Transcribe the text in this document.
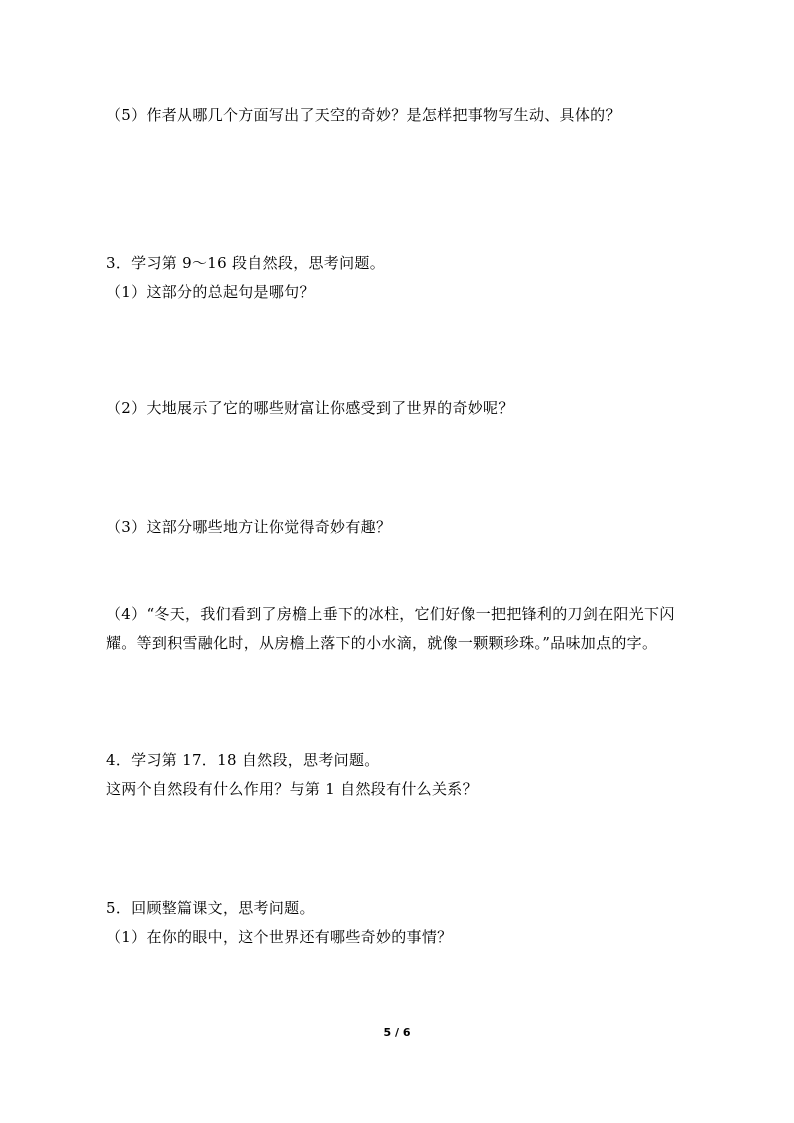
（5）作者从哪几个方面写出了天空的奇妙？是怎样把事物写生动、具体的？
3．学习第 9～16 段自然段，思考问题。
（1）这部分的总起句是哪句？
（2）大地展示了它的哪些财富让你感受到了世界的奇妙呢？
（3）这部分哪些地方让你觉得奇妙有趣？
（4）“冬天，我们看到了房檐上垂下的冰柱，它们好像一把把锋利的刀剑在阳光下闪
耀。等到积雪融化时，从房檐上落下的小水滴，就像一颗颗珍珠。”品味加点的字。
4．学习第 17．18 自然段，思考问题。
这两个自然段有什么作用？与第 1 自然段有什么关系？
5．回顾整篇课文，思考问题。
（1）在你的眼中，这个世界还有哪些奇妙的事情？
5 / 6
